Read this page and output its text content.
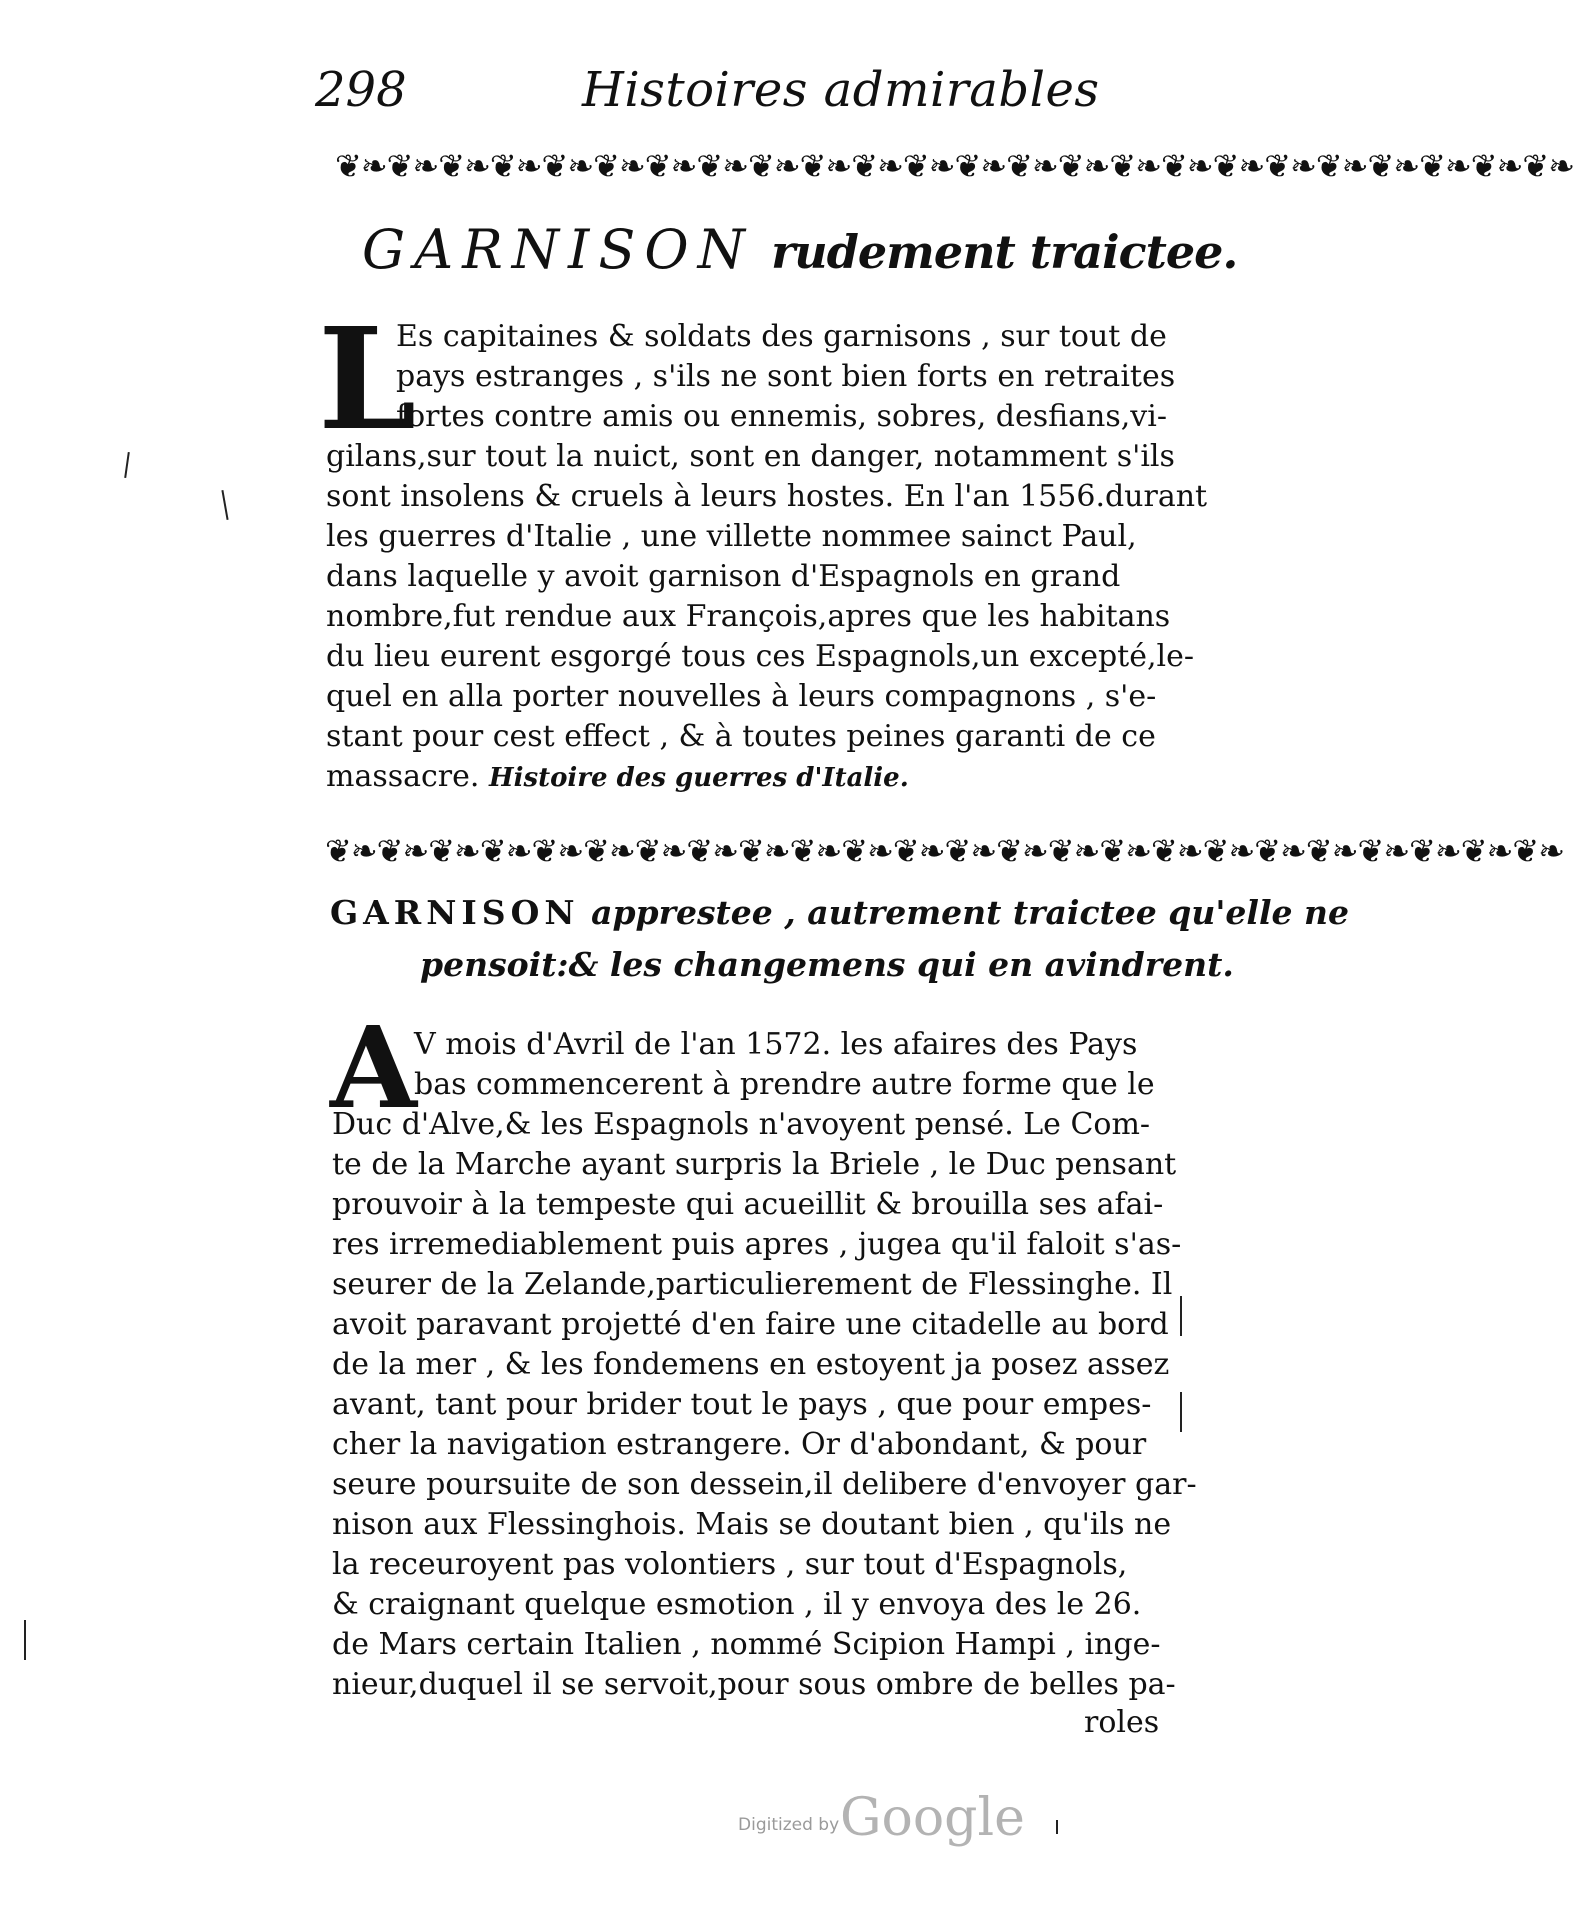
298	Histoires admirables
❦❧❦❧❦❧❦❧❦❧❦❧❦❧❦❧❦❧❦❧❦❧❦❧❦❧❦❧❦❧❦❧❦❧❦❧❦❧❦❧❦❧❦❧❦❧❦❧
GARNISON rudement traictee.
L
Es capitaines & soldats des garnisons , sur tout de
pays estranges , s'ils ne sont bien forts en retraites
fortes contre amis ou ennemis, sobres, desfians,vi-
gilans,sur tout la nuict, sont en danger, notamment s'ils
sont insolens & cruels à leurs hostes. En l'an 1556.durant
les guerres d'Italie , une villette nommee sainct Paul,
dans laquelle y avoit garnison d'Espagnols en grand
nombre,fut rendue aux François,apres que les habitans
du lieu eurent esgorgé tous ces Espagnols,un excepté,le-
quel en alla porter nouvelles à leurs compagnons , s'e-
stant pour cest effect , & à toutes peines garanti de ce
massacre. Histoire des guerres d'Italie.
❦❧❦❧❦❧❦❧❦❧❦❧❦❧❦❧❦❧❦❧❦❧❦❧❦❧❦❧❦❧❦❧❦❧❦❧❦❧❦❧❦❧❦❧❦❧❦❧
GARNISON apprestee , autrement traictee qu'elle ne
pensoit:& les changemens qui en avindrent.
A
V mois d'Avril de l'an 1572. les afaires des Pays
bas commencerent à prendre autre forme que le
Duc d'Alve,& les Espagnols n'avoyent pensé. Le Com-
te de la Marche ayant surpris la Briele , le Duc pensant
prouvoir à la tempeste qui acueillit & brouilla ses afai-
res irremediablement puis apres , jugea qu'il faloit s'as-
seurer de la Zelande,particulierement de Flessinghe. Il
avoit paravant projetté d'en faire une citadelle au bord
de la mer , & les fondemens en estoyent ja posez assez
avant, tant pour brider tout le pays , que pour empes-
cher la navigation estrangere. Or d'abondant, & pour
seure poursuite de son dessein,il delibere d'envoyer gar-
nison aux Flessinghois. Mais se doutant bien , qu'ils ne
la receuroyent pas volontiers , sur tout d'Espagnols,
& craignant quelque esmotion , il y envoya des le 26.
de Mars certain Italien , nommé Scipion Hampi , inge-
nieur,duquel il se servoit,pour sous ombre de belles pa-
roles
Digitized by Google
